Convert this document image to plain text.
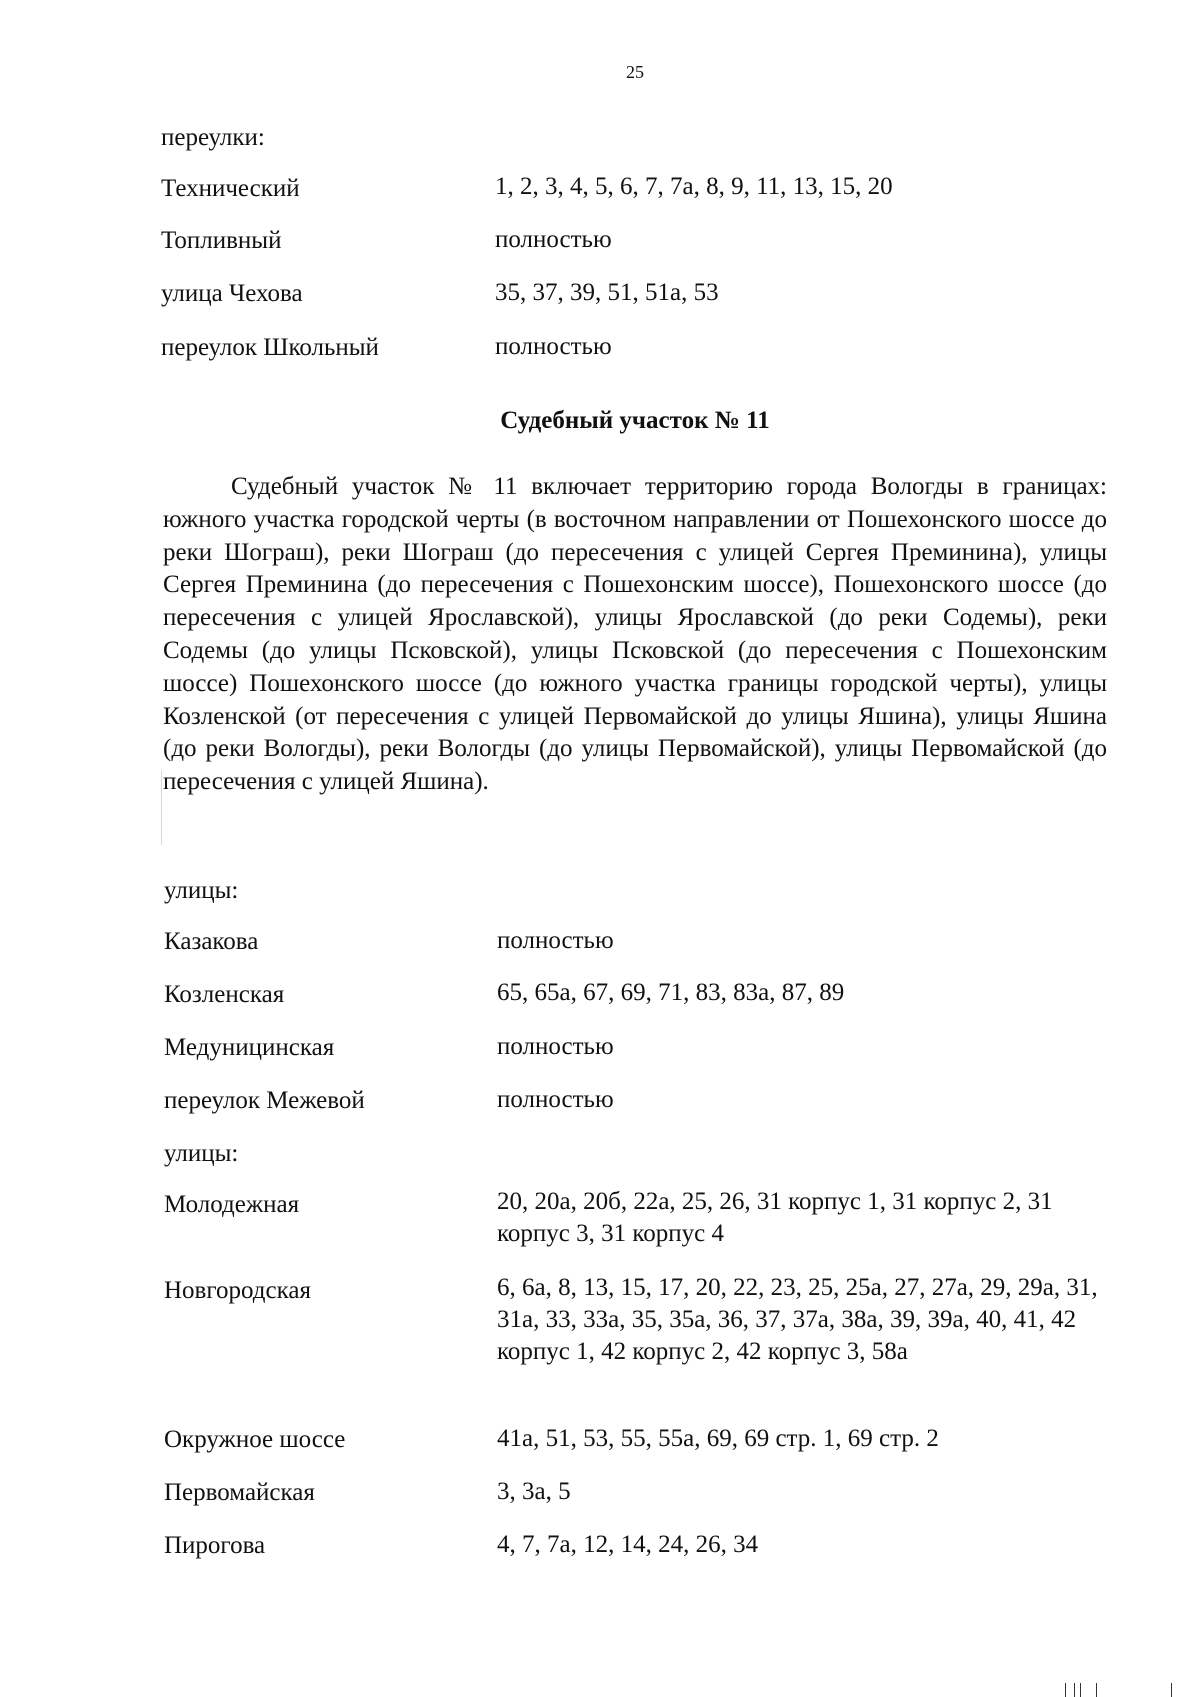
25
переулки:
Технический	1, 2, 3, 4, 5, 6, 7, 7а, 8, 9, 11, 13, 15, 20
Топливный	полностью
улица Чехова	35, 37, 39, 51, 51а, 53
переулок Школьный	полностью
Судебный участок № 11

Судебный участок № 11 включает территорию города Вологды в границах: южного участка городской черты (в восточном направлении от Пошехонского шоссе до реки Шограш), реки Шограш (до пересечения с улицей Сергея Преминина), улицы Сергея Преминина (до пересечения с Пошехонским шоссе), Пошехонского шоссе (до пересечения с улицей Ярославской), улицы Ярославской (до реки Содемы), реки Содемы (до улицы Псковской), улицы Псковской (до пересечения с Пошехонским шоссе) Пошехонского шоссе (до южного участка границы городской черты), улицы Козленской (от пересечения с улицей Первомайской до улицы Яшина), улицы Яшина (до реки Вологды), реки Вологды (до улицы Первомайской), улицы Первомайской (до пересечения с улицей Яшина).

улицы:
Казакова	полностью
Козленская	65, 65а, 67, 69, 71, 83, 83а, 87, 89
Медуницинская	полностью
переулок Межевой	полностью
улицы:
Молодежная	20, 20а, 20б, 22а, 25, 26, 31 корпус 1, 31 корпус 2, 31 корпус 3, 31 корпус 4
Новгородская	6, 6а, 8, 13, 15, 17, 20, 22, 23, 25, 25а, 27, 27а, 29, 29а, 31, 31а, 33, 33а, 35, 35а, 36, 37, 37а, 38а, 39, 39а, 40, 41, 42 корпус 1, 42 корпус 2, 42 корпус 3, 58а
Окружное шоссе	41а, 51, 53, 55, 55а, 69, 69 стр. 1, 69 стр. 2
Первомайская	3, 3а, 5
Пирогова	4, 7, 7а, 12, 14, 24, 26, 34
